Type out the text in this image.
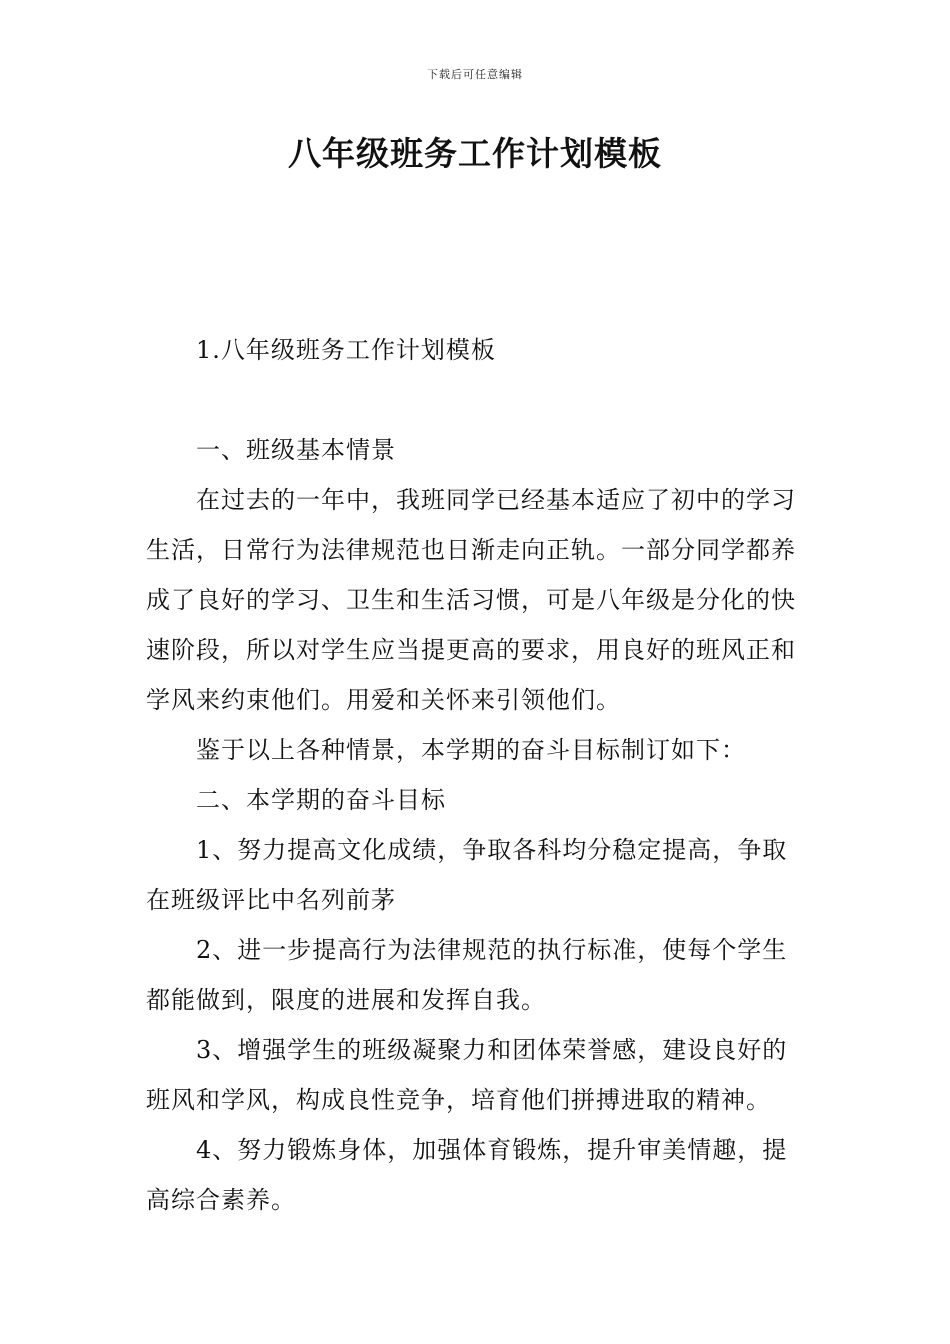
下载后可任意编辑
八年级班务工作计划模板

1.八年级班务工作计划模板

一、班级基本情景

在过去的一年中，我班同学已经基本适应了初中的学习生活，日常行为法律规范也日渐走向正轨。一部分同学都养成了良好的学习、卫生和生活习惯，可是八年级是分化的快速阶段，所以对学生应当提更高的要求，用良好的班风正和学风来约束他们。用爱和关怀来引领他们。

鉴于以上各种情景，本学期的奋斗目标制订如下：

二、本学期的奋斗目标

1、努力提高文化成绩，争取各科均分稳定提高，争取在班级评比中名列前茅

2、进一步提高行为法律规范的执行标准，使每个学生都能做到，限度的进展和发挥自我。

3、增强学生的班级凝聚力和团体荣誉感，建设良好的班风和学风，构成良性竞争，培育他们拼搏进取的精神。

4、努力锻炼身体，加强体育锻炼，提升审美情趣，提高综合素养。
